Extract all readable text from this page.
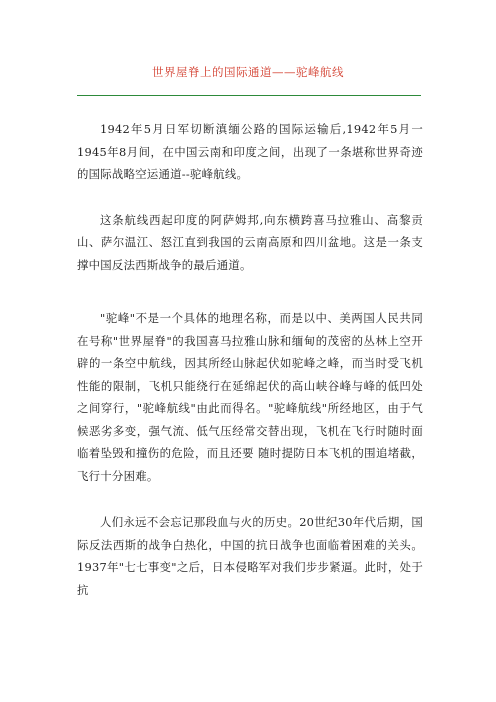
世界屋脊上的国际通道——驼峰航线

1942年5月日军切断滇缅公路的国际运输后,1942年5月一1945年8月间，在中国云南和印度之间，出现了一条堪称世界奇迹的国际战略空运通道--驼峰航线。

这条航线西起印度的阿萨姆邦,向东横跨喜马拉雅山、高黎贡山、萨尔温江、怒江直到我国的云南高原和四川盆地。这是一条支撑中国反法西斯战争的最后通道。

"驼峰"不是一个具体的地理名称，而是以中、美两国人民共同在号称"世界屋脊"的我国喜马拉雅山脉和缅甸的茂密的丛林上空开辟的一条空中航线，因其所经山脉起伏如驼峰之峰，而当时受飞机性能的限制，飞机只能绕行在延绵起伏的高山峡谷峰与峰的低凹处之间穿行，"驼峰航线"由此而得名。"驼峰航线"所经地区，由于气候恶劣多变，强气流、低气压经常交替出现，飞机在飞行时随时面临着坠毁和撞伤的危险，而且还要 随时提防日本飞机的围追堵截，飞行十分困难。

人们永远不会忘记那段血与火的历史。20世纪30年代后期，国际反法西斯的战争白热化，中国的抗日战争也面临着困难的关头。1937年"七七事变"之后，日本侵略军对我们步步紧逼。此时，处于抗
